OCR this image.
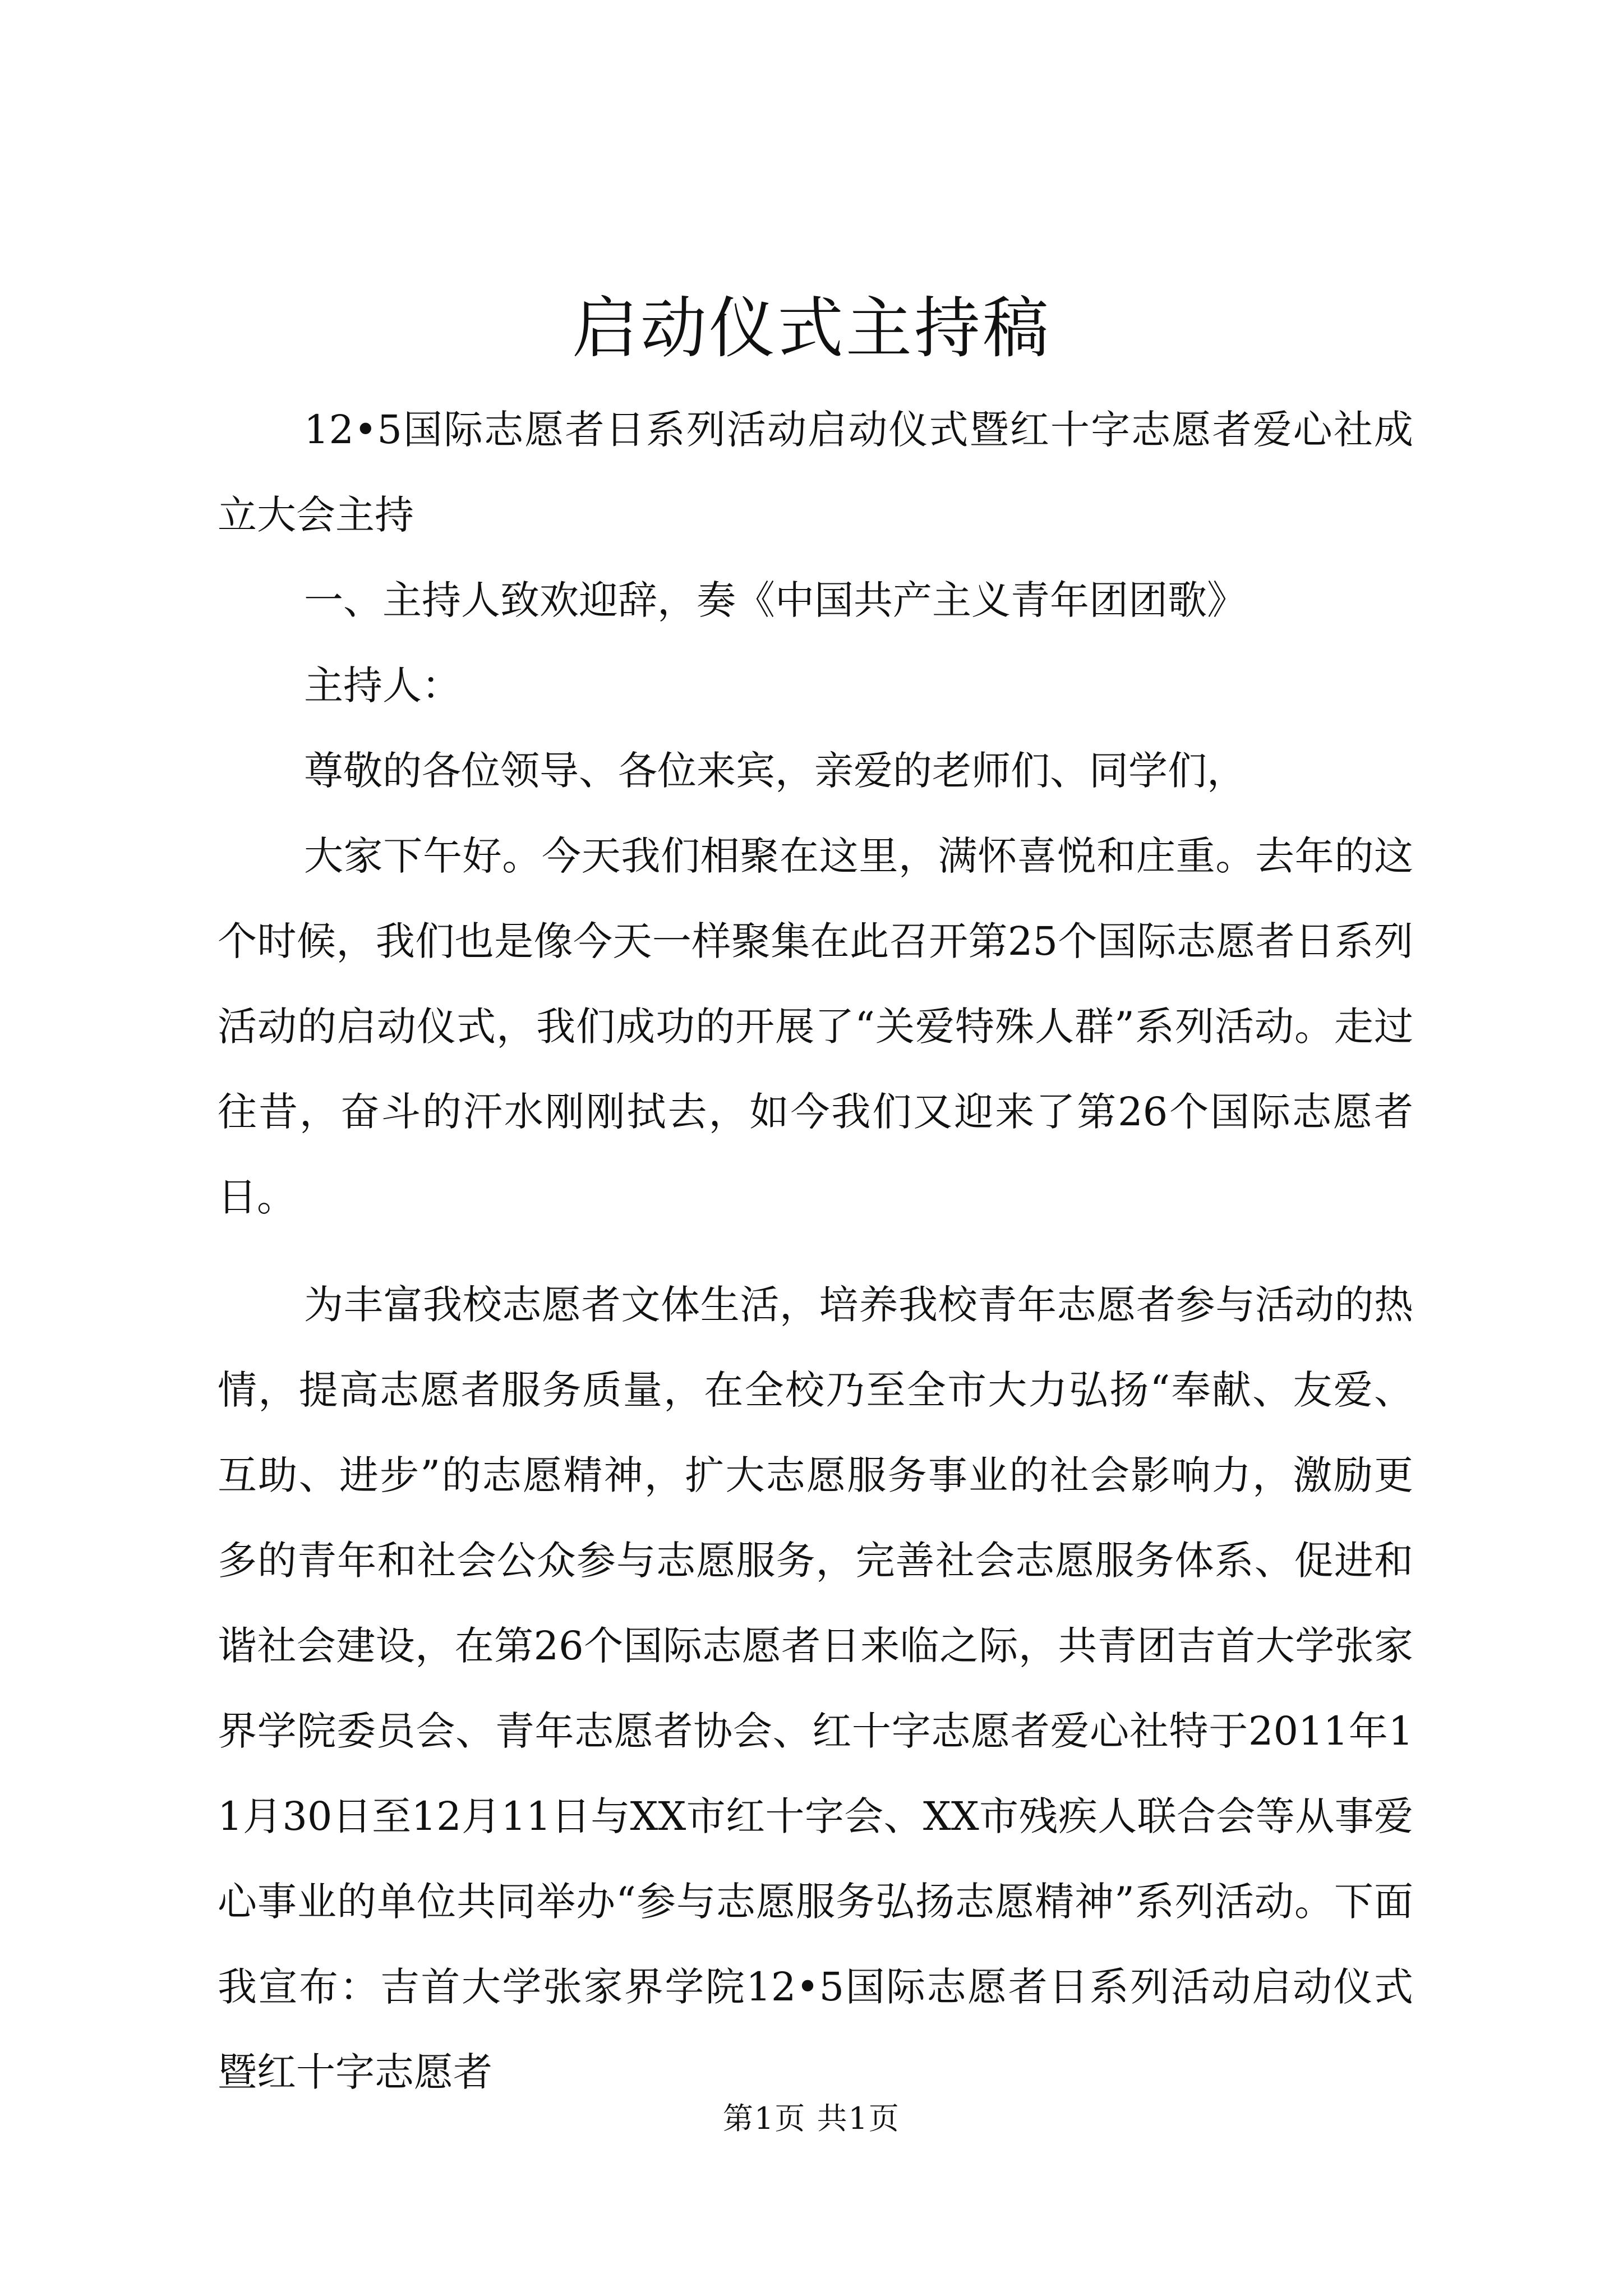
启动仪式主持稿

12•5国际志愿者日系列活动启动仪式暨红十字志愿者爱心社成立大会主持

一、主持人致欢迎辞，奏《中国共产主义青年团团歌》

主持人：

尊敬的各位领导、各位来宾，亲爱的老师们、同学们，

大家下午好。今天我们相聚在这里，满怀喜悦和庄重。去年的这个时候，我们也是像今天一样聚集在此召开第25个国际志愿者日系列活动的启动仪式，我们成功的开展了“关爱特殊人群”系列活动。走过往昔，奋斗的汗水刚刚拭去，如今我们又迎来了第26个国际志愿者日。

为丰富我校志愿者文体生活，培养我校青年志愿者参与活动的热情，提高志愿者服务质量，在全校乃至全市大力弘扬“奉献、友爱、互助、进步”的志愿精神，扩大志愿服务事业的社会影响力，激励更多的青年和社会公众参与志愿服务，完善社会志愿服务体系、促进和谐社会建设，在第26个国际志愿者日来临之际，共青团吉首大学张家界学院委员会、青年志愿者协会、红十字志愿者爱心社特于2011年11月30日至12月11日与XX市红十字会、XX市残疾人联合会等从事爱心事业的单位共同举办“参与志愿服务弘扬志愿精神”系列活动。下面我宣布：吉首大学张家界学院12•5国际志愿者日系列活动启动仪式暨红十字志愿者

第1页 共1页
